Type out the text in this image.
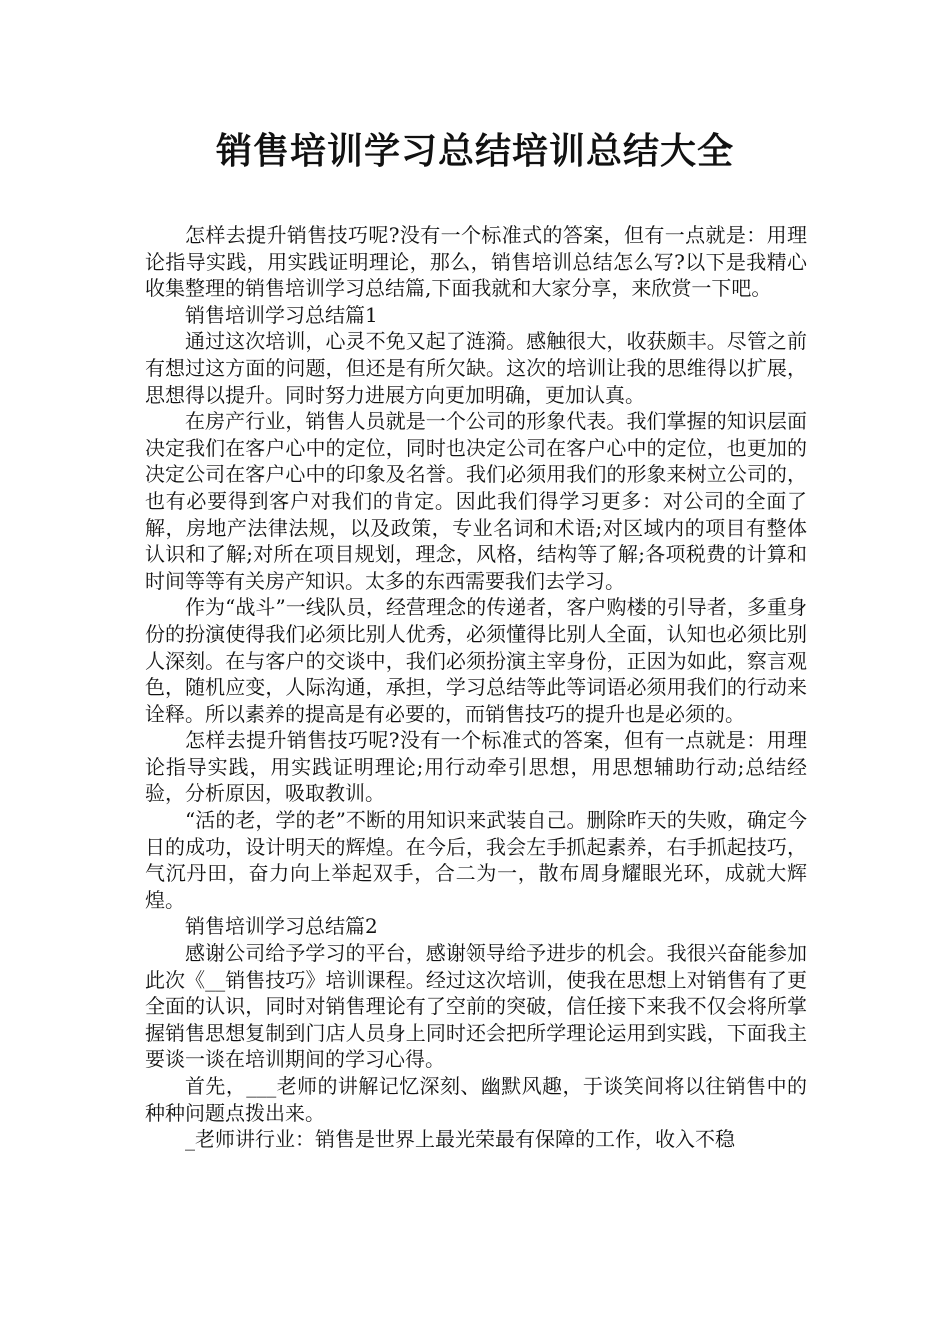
销售培训学习总结培训总结大全

怎样去提升销售技巧呢?没有一个标准式的答案，但有一点就是：用理论指导实践，用实践证明理论，那么，销售培训总结怎么写?以下是我精心收集整理的销售培训学习总结篇,下面我就和大家分享，来欣赏一下吧。

销售培训学习总结篇1

通过这次培训，心灵不免又起了涟漪。感触很大，收获颇丰。尽管之前有想过这方面的问题，但还是有所欠缺。这次的培训让我的思维得以扩展，思想得以提升。同时努力进展方向更加明确，更加认真。

在房产行业，销售人员就是一个公司的形象代表。我们掌握的知识层面决定我们在客户心中的定位，同时也决定公司在客户心中的定位，也更加的决定公司在客户心中的印象及名誉。我们必须用我们的形象来树立公司的，也有必要得到客户对我们的肯定。因此我们得学习更多：对公司的全面了解，房地产法律法规，以及政策，专业名词和术语;对区域内的项目有整体认识和了解;对所在项目规划，理念，风格，结构等了解;各项税费的计算和时间等等有关房产知识。太多的东西需要我们去学习。

作为“战斗”一线队员，经营理念的传递者，客户购楼的引导者，多重身份的扮演使得我们必须比别人优秀，必须懂得比别人全面，认知也必须比别人深刻。在与客户的交谈中，我们必须扮演主宰身份，正因为如此，察言观色，随机应变，人际沟通，承担，学习总结等此等词语必须用我们的行动来诠释。所以素养的提高是有必要的，而销售技巧的提升也是必须的。

怎样去提升销售技巧呢?没有一个标准式的答案，但有一点就是：用理论指导实践，用实践证明理论;用行动牵引思想，用思想辅助行动;总结经验，分析原因，吸取教训。

“活的老，学的老”不断的用知识来武装自己。删除昨天的失败，确定今日的成功，设计明天的辉煌。在今后，我会左手抓起素养，右手抓起技巧，气沉丹田，奋力向上举起双手，合二为一，散布周身耀眼光环，成就大辉煌。

销售培训学习总结篇2

感谢公司给予学习的平台，感谢领导给予进步的机会。我很兴奋能参加此次《__销售技巧》培训课程。经过这次培训，使我在思想上对销售有了更全面的认识，同时对销售理论有了空前的突破，信任接下来我不仅会将所掌握销售思想复制到门店人员身上同时还会把所学理论运用到实践，下面我主要谈一谈在培训期间的学习心得。

首先，___老师的讲解记忆深刻、幽默风趣，于谈笑间将以往销售中的种种问题点拨出来。

_老师讲行业：销售是世界上最光荣最有保障的工作，收入不稳
